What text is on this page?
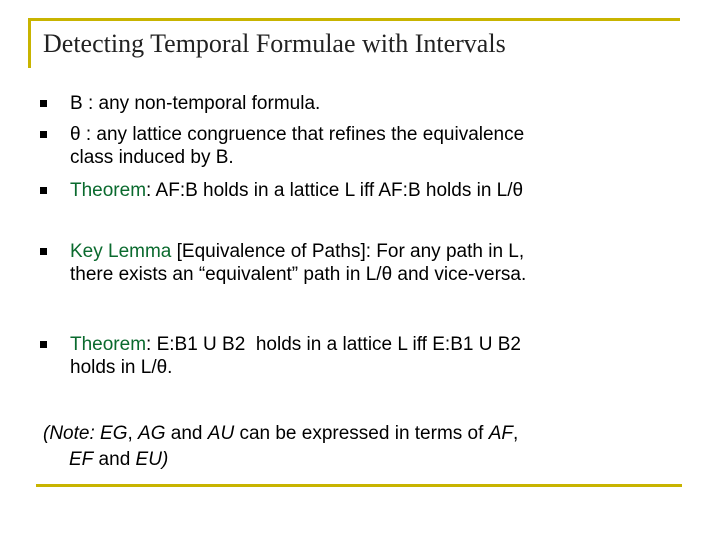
Detecting Temporal Formulae with Intervals
B : any non-temporal formula.
θ : any lattice congruence that refines the equivalence
class induced by B.
Theorem: AF:B holds in a lattice L iff AF:B holds in L/θ
Key Lemma [Equivalence of Paths]: For any path in L,
there exists an “equivalent” path in L/θ and vice-versa.
Theorem: E:B1 U B2  holds in a lattice L iff E:B1 U B2
holds in L/θ.
(Note: EG, AG and AU can be expressed in terms of AF,
EF and EU)
